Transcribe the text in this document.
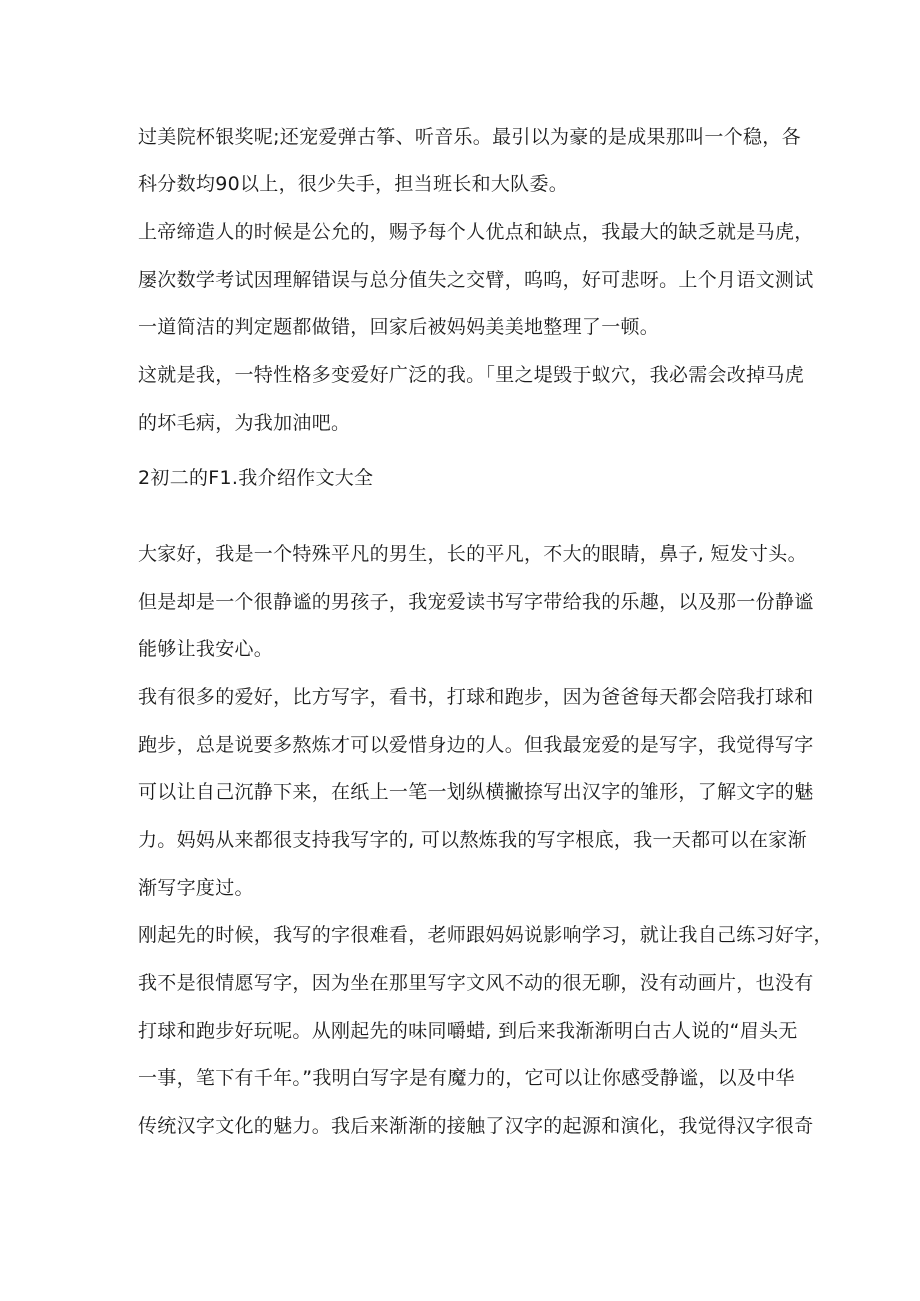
过美院杯银奖呢;还宠爱弹古筝、听音乐。最引以为豪的是成果那叫一个稳，各
科分数均90以上，很少失手，担当班长和大队委。
上帝缔造人的时候是公允的，赐予每个人优点和缺点，我最大的缺乏就是马虎，
屡次数学考试因理解错误与总分值失之交臂，呜呜，好可悲呀。上个月语文测试
一道简洁的判定题都做错，回家后被妈妈美美地整理了一顿。
这就是我，一特性格多变爱好广泛的我。「里之堤毁于蚁穴，我必需会改掉马虎
的坏毛病，为我加油吧。
2初二的F1.我介绍作文大全
大家好，我是一个特殊平凡的男生，长的平凡，不大的眼睛，鼻子, 短发寸头。
但是却是一个很静谧的男孩子，我宠爱读书写字带给我的乐趣，以及那一份静谧
能够让我安心。
我有很多的爱好，比方写字，看书，打球和跑步，因为爸爸每天都会陪我打球和
跑步，总是说要多熬炼才可以爱惜身边的人。但我最宠爱的是写字，我觉得写字
可以让自己沉静下来，在纸上一笔一划纵横撇捺写出汉字的雏形，了解文字的魅
力。妈妈从来都很支持我写字的, 可以熬炼我的写字根底，我一天都可以在家渐
渐写字度过。
刚起先的时候，我写的字很难看，老师跟妈妈说影响学习，就让我自己练习好字，
我不是很情愿写字，因为坐在那里写字文风不动的很无聊，没有动画片，也没有
打球和跑步好玩呢。从刚起先的味同嚼蜡, 到后来我渐渐明白古人说的“眉头无
一事，笔下有千年。”我明白写字是有魔力的，它可以让你感受静谧，以及中华
传统汉字文化的魅力。我后来渐渐的接触了汉字的起源和演化，我觉得汉字很奇
